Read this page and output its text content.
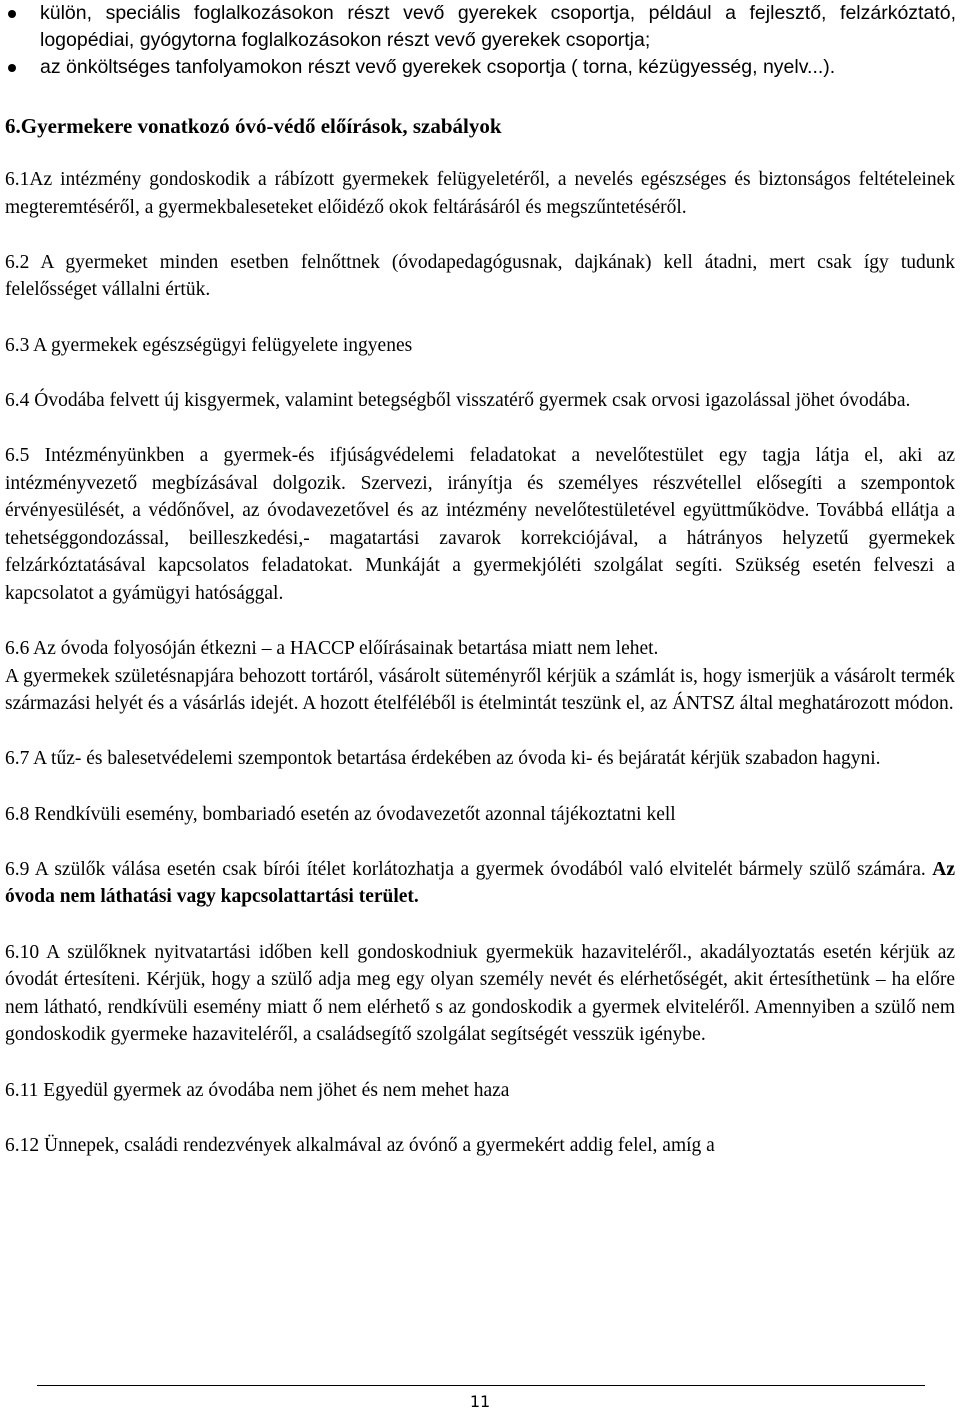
külön, speciális foglalkozásokon részt vevő gyerekek csoportja, például a fejlesztő, felzárkóztató, logopédiai, gyógytorna foglalkozásokon részt vevő gyerekek csoportja;
az önköltséges tanfolyamokon részt vevő gyerekek csoportja ( torna, kézügyesség, nyelv...).
6.Gyermekere vonatkozó óvó-védő előírások, szabályok

6.1Az intézmény gondoskodik a rábízott gyermekek felügyeletéről, a nevelés egészséges és biztonságos feltételeinek megteremtéséről, a gyermekbaleseteket előidéző okok feltárásáról és megszűntetéséről.

6.2 A gyermeket minden esetben felnőttnek (óvodapedagógusnak, dajkának) kell átadni, mert csak így tudunk felelősséget vállalni értük.

6.3 A gyermekek egészségügyi felügyelete ingyenes

6.4 Óvodába felvett új kisgyermek, valamint betegségből visszatérő gyermek csak orvosi igazolással jöhet óvodába.

6.5 Intézményünkben a gyermek-és ifjúságvédelemi feladatokat a nevelőtestület egy tagja látja el, aki az intézményvezető megbízásával dolgozik. Szervezi, irányítja és személyes részvétellel elősegíti a szempontok érvényesülését, a védőnővel, az óvodavezetővel és az intézmény nevelőtestületével együttműködve. Továbbá ellátja a tehetséggondozással, beilleszkedési,- magatartási zavarok korrekciójával, a hátrányos helyzetű gyermekek felzárkóztatásával kapcsolatos feladatokat. Munkáját a gyermekjóléti szolgálat segíti. Szükség esetén felveszi a kapcsolatot a gyámügyi hatósággal.

6.6 Az óvoda folyosóján étkezni – a HACCP előírásainak betartása miatt nem lehet.

A gyermekek születésnapjára behozott tortáról, vásárolt süteményről kérjük a számlát is, hogy ismerjük a vásárolt termék származási helyét és a vásárlás idejét. A hozott ételféléből is ételmintát teszünk el, az ÁNTSZ által meghatározott módon.

6.7 A tűz- és balesetvédelemi szempontok betartása érdekében az óvoda ki- és bejáratát kérjük szabadon hagyni.

6.8 Rendkívüli esemény, bombariadó esetén az óvodavezetőt azonnal tájékoztatni kell

6.9 A szülők válása esetén csak bírói ítélet korlátozhatja a gyermek óvodából való elvitelét bármely szülő számára. Az óvoda nem láthatási vagy kapcsolattartási terület.

6.10 A szülőknek nyitvatartási időben kell gondoskodniuk gyermekük hazaviteléről., akadályoztatás esetén kérjük az óvodát értesíteni. Kérjük, hogy a szülő adja meg egy olyan személy nevét és elérhetőségét, akit értesíthetünk – ha előre nem látható, rendkívüli esemény miatt ő nem elérhető s az gondoskodik a gyermek elviteléről. Amennyiben a szülő nem gondoskodik gyermeke hazaviteléről, a családsegítő szolgálat segítségét vesszük igénybe.

6.11 Egyedül gyermek az óvodába nem jöhet és nem mehet haza

6.12 Ünnepek, családi rendezvények alkalmával az óvónő a gyermekért addig felel, amíg a

11
